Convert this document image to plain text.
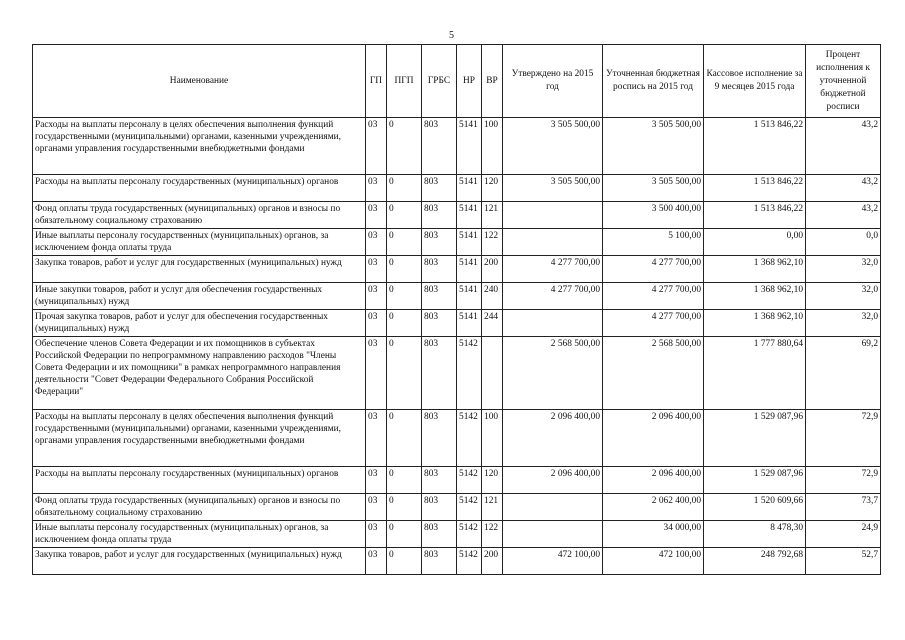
5
Наименование	ГП	ПГП	ГРБС	НР	ВР	Утверждено на 2015 год	Уточненная бюджетная роспись на 2015 год	Кассовое исполнение за 9 месяцев 2015 года	Процент исполнения к уточненной бюджетной росписи
Расходы на выплаты персоналу в целях обеспечения выполнения функций государственными (муниципальными) органами, казенными учреждениями, органами управления государственными внебюджетными фондами	03	0	803	5141	100	3 505 500,00	3 505 500,00	1 513 846,22	43,2
Расходы на выплаты персоналу государственных (муниципальных) органов	03	0	803	5141	120	3 505 500,00	3 505 500,00	1 513 846,22	43,2
Фонд оплаты труда государственных (муниципальных) органов и взносы по обязательному социальному страхованию	03	0	803	5141	121		3 500 400,00	1 513 846,22	43,2
Иные выплаты персоналу государственных (муниципальных) органов, за исключением фонда оплаты труда	03	0	803	5141	122		5 100,00	0,00	0,0
Закупка товаров, работ и услуг для государственных (муниципальных) нужд	03	0	803	5141	200	4 277 700,00	4 277 700,00	1 368 962,10	32,0
Иные закупки товаров, работ и услуг для обеспечения государственных (муниципальных) нужд	03	0	803	5141	240	4 277 700,00	4 277 700,00	1 368 962,10	32,0
Прочая закупка товаров, работ и услуг для обеспечения государственных (муниципальных) нужд	03	0	803	5141	244		4 277 700,00	1 368 962,10	32,0
Обеспечение членов Совета Федерации и их помощников в субъектах Российской Федерации по непрограммному направлению расходов "Члены Совета Федерации и их помощники" в рамках непрограммного направления деятельности "Совет Федерации Федерального Собрания Российской Федерации"	03	0	803	5142		2 568 500,00	2 568 500,00	1 777 880,64	69,2
Расходы на выплаты персоналу в целях обеспечения выполнения функций государственными (муниципальными) органами, казенными учреждениями, органами управления государственными внебюджетными фондами	03	0	803	5142	100	2 096 400,00	2 096 400,00	1 529 087,96	72,9
Расходы на выплаты персоналу государственных (муниципальных) органов	03	0	803	5142	120	2 096 400,00	2 096 400,00	1 529 087,96	72,9
Фонд оплаты труда государственных (муниципальных) органов и взносы по обязательному социальному страхованию	03	0	803	5142	121		2 062 400,00	1 520 609,66	73,7
Иные выплаты персоналу государственных (муниципальных) органов, за исключением фонда оплаты труда	03	0	803	5142	122		34 000,00	8 478,30	24,9
Закупка товаров, работ и услуг для государственных (муниципальных) нужд	03	0	803	5142	200	472 100,00	472 100,00	248 792,68	52,7
